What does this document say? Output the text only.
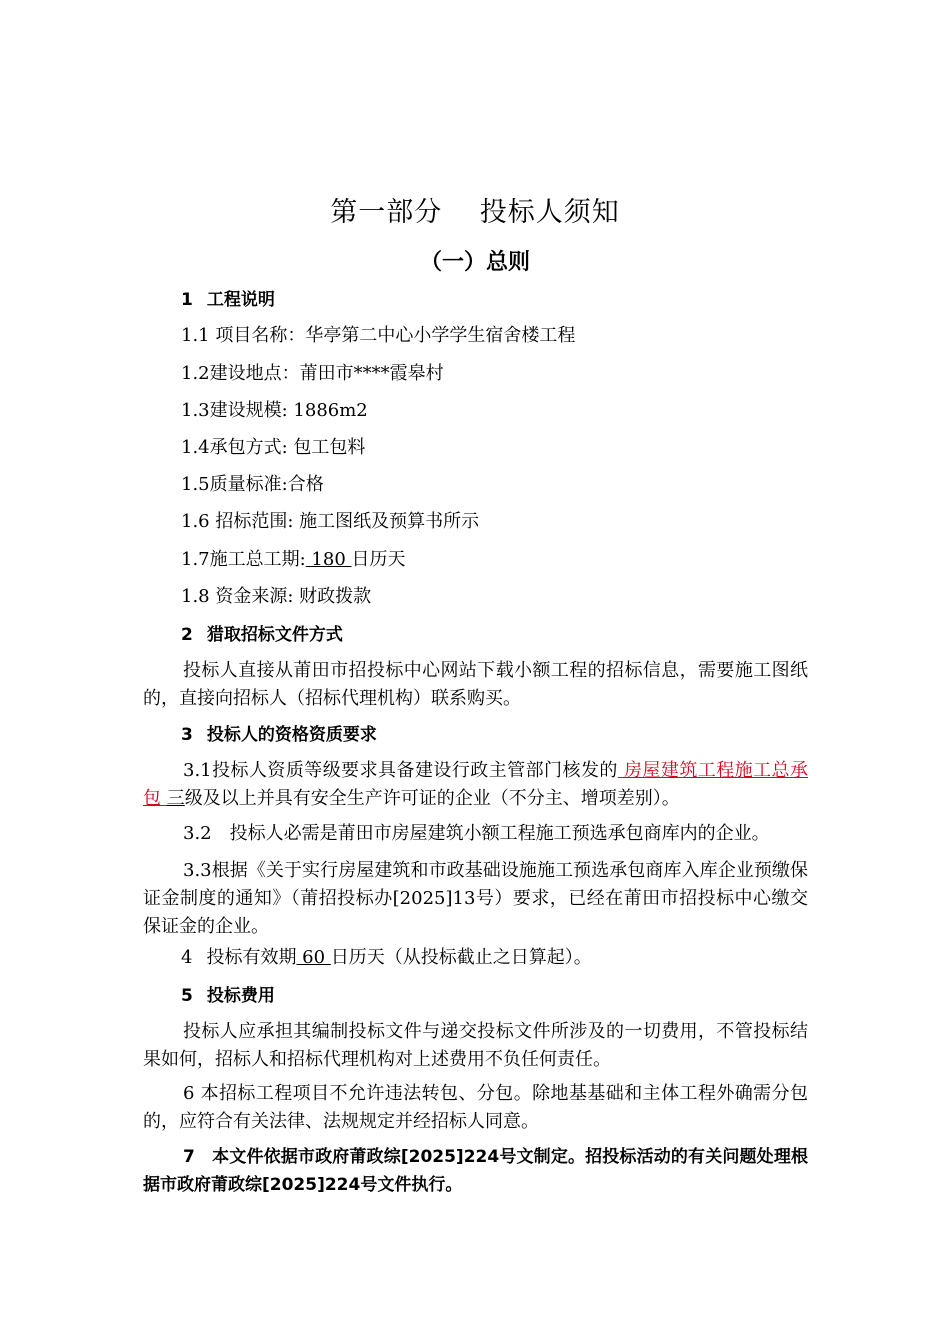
第一部分　 投标人须知
（一）总则
1 工程说明
1.1 项目名称：华亭第二中心小学学生宿舍楼工程
1.2建设地点：莆田市****霞皋村
1.3建设规模: 1886m2
1.4承包方式: 包工包料
1.5质量标准:合格
1.6 招标范围: 施工图纸及预算书所示
1.7施工总工期: 180 日历天
1.8 资金来源: 财政拨款
2 猎取招标文件方式
投标人直接从莆田市招投标中心网站下载小额工程的招标信息，需要施工图纸的，直接向招标人（招标代理机构）联系购买。
3 投标人的资格资质要求
3.1投标人资质等级要求具备建设行政主管部门核发的 房屋建筑工程施工总承包 三级及以上并具有安全生产许可证的企业（不分主、增项差别）。
3.2　投标人必需是莆田市房屋建筑小额工程施工预选承包商库内的企业。
3.3根据《关于实行房屋建筑和市政基础设施施工预选承包商库入库企业预缴保证金制度的通知》（莆招投标办[2025]13号）要求，已经在莆田市招投标中心缴交保证金的企业。
4 投标有效期 60 日历天（从投标截止之日算起）。
5 投标费用
投标人应承担其编制投标文件与递交投标文件所涉及的一切费用，不管投标结果如何，招标人和招标代理机构对上述费用不负任何责任。
6 本招标工程项目不允许违法转包、分包。除地基基础和主体工程外确需分包的，应符合有关法律、法规规定并经招标人同意。
7　本文件依据市政府莆政综[2025]224号文制定。招投标活动的有关问题处理根据市政府莆政综[2025]224号文件执行。
